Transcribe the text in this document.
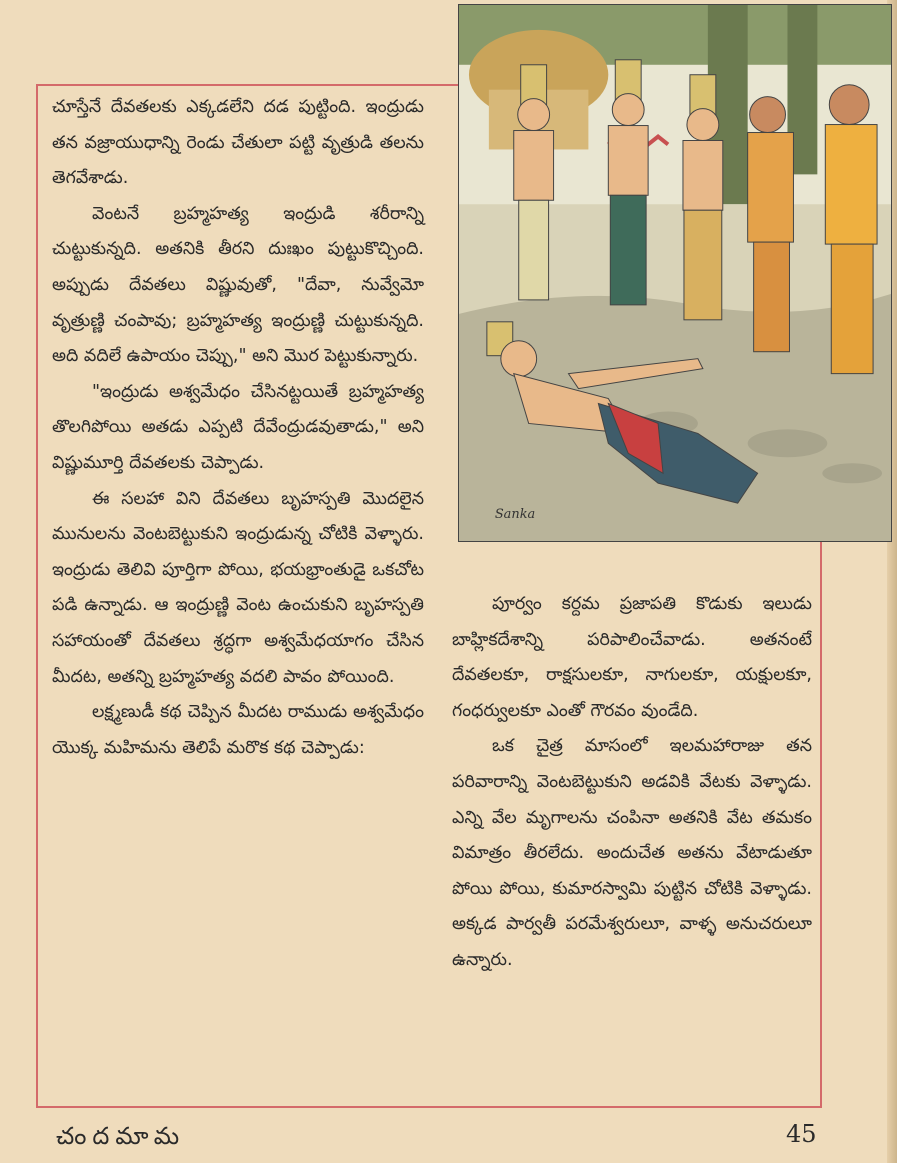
Sanka

చూస్తేనే దేవతలకు ఎక్కడలేని దడ పుట్టింది. ఇంద్రుడు తన వజ్రాయుధాన్ని రెండు చేతులా పట్టి వృత్రుడి తలను తెగవేశాడు.

వెంటనే బ్రహ్మహత్య ఇంద్రుడి శరీరాన్ని చుట్టుకున్నది. అతనికి తీరని దుఃఖం పుట్టుకొచ్చింది. అప్పుడు దేవతలు విష్ణువుతో, "దేవా, నువ్వేమో వృత్రుణ్ణి చంపావు; బ్రహ్మహత్య ఇంద్రుణ్ణి చుట్టుకున్నది. అది వదిలే ఉపాయం చెప్పు," అని మొర పెట్టుకున్నారు.

"ఇంద్రుడు అశ్వమేధం చేసినట్టయితే బ్రహ్మహత్య తొలగిపోయి అతడు ఎప్పటి దేవేంద్రుడవుతాడు," అని విష్ణుమూర్తి దేవతలకు చెప్పాడు.

ఈ సలహా విని దేవతలు బృహస్పతి మొదలైన మునులను వెంటబెట్టుకుని ఇంద్రుడున్న చోటికి వెళ్ళారు. ఇంద్రుడు తెలివి పూర్తిగా పోయి, భయభ్రాంతుడై ఒకచోట పడి ఉన్నాడు. ఆ ఇంద్రుణ్ణి వెంట ఉంచుకుని బృహస్పతి సహాయంతో దేవతలు శ్రద్ధగా అశ్వమేధయాగం చేసిన మీదట, అతన్ని బ్రహ్మహత్య వదలి పావం పోయింది.

లక్ష్మణుడీ కథ చెప్పిన మీదట రాముడు అశ్వమేధం యొక్క మహిమను తెలిపే మరొక కథ చెప్పాడు:

పూర్వం కర్దమ ప్రజాపతి కొడుకు ఇలుడు బాహ్లికదేశాన్ని పరిపాలించేవాడు. అతనంటే దేవతలకూ, రాక్షసులకూ, నాగులకూ, యక్షులకూ, గంధర్వులకూ ఎంతో గౌరవం వుండేది.

ఒక చైత్ర మాసంలో ఇలమహారాజు తన పరివారాన్ని వెంటబెట్టుకుని అడవికి వేటకు వెళ్ళాడు. ఎన్ని వేల మృగాలను చంపినా అతనికి వేట తమకం విమాత్రం తీరలేదు. అందుచేత అతను వేటాడుతూ పోయి పోయి, కుమారస్వామి పుట్టిన చోటికి వెళ్ళాడు. అక్కడ పార్వతీ పరమేశ్వరులూ, వాళ్ళ అనుచరులూ ఉన్నారు.

చందమామ	45
